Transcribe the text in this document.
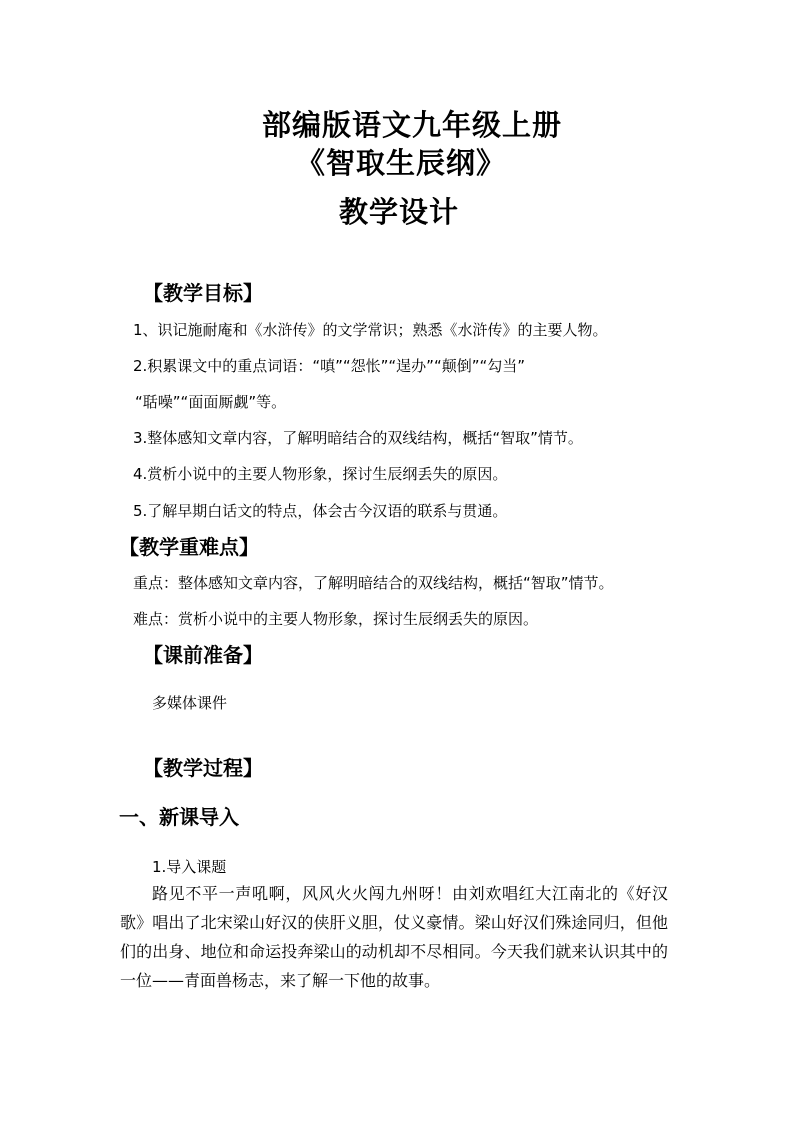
部编版语文九年级上册
《智取生辰纲》
教学设计
【教学目标】
1、识记施耐庵和《水浒传》的文学常识；熟悉《水浒传》的主要人物。
2.积累课文中的重点词语：“嗔”“怨怅”“逞办”“颠倒”“勾当”
“聒噪”“面面厮觑”等。
3.整体感知文章内容，了解明暗结合的双线结构，概括“智取”情节。
4.赏析小说中的主要人物形象，探讨生辰纲丢失的原因。
5.了解早期白话文的特点，体会古今汉语的联系与贯通。
【教学重难点】
重点：整体感知文章内容，了解明暗结合的双线结构，概括“智取”情节。
难点：赏析小说中的主要人物形象，探讨生辰纲丢失的原因。
【课前准备】
多媒体课件
【教学过程】
一、新课导入
1.导入课题
路见不平一声吼啊，风风火火闯九州呀！由刘欢唱红大江南北的《好汉歌》唱出了北宋梁山好汉的侠肝义胆，仗义豪情。梁山好汉们殊途同归，但他们的出身、地位和命运投奔梁山的动机却不尽相同。今天我们就来认识其中的一位——青面兽杨志，来了解一下他的故事。
